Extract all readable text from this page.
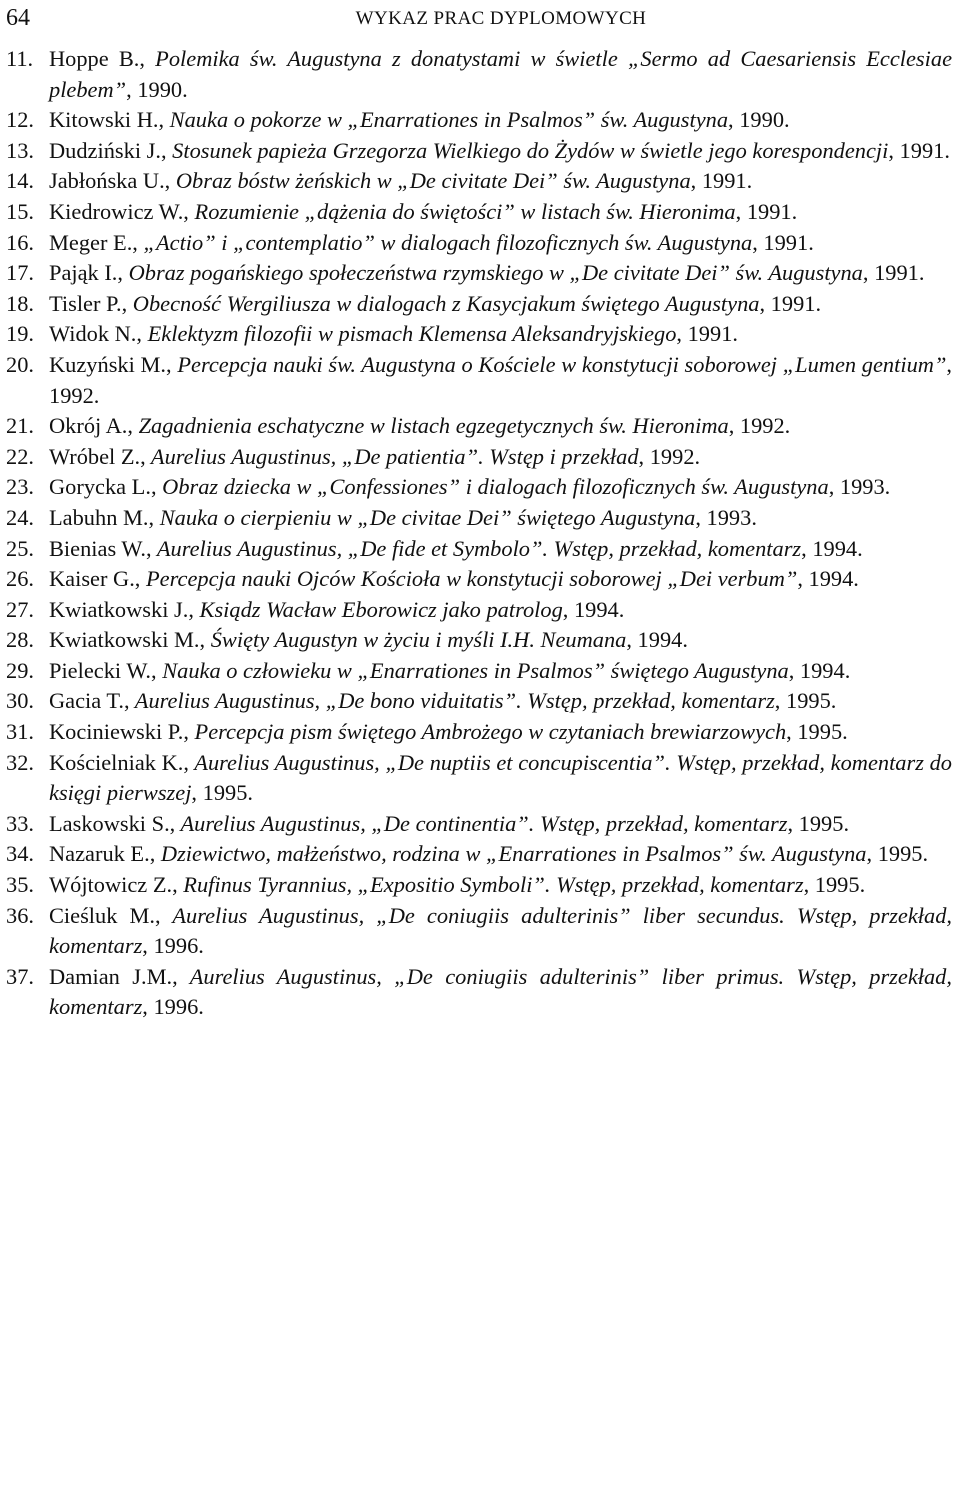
64	WYKAZ PRAC DYPLOMOWYCH
11. Hoppe B., Polemika św. Augustyna z donatystami w świetle „Sermo ad Caesariensis Ecclesiae plebem”, 1990.
12. Kitowski H., Nauka o pokorze w „Enarrationes in Psalmos” św. Augustyna, 1990.
13. Dudziński J., Stosunek papieża Grzegorza Wielkiego do Żydów w świetle jego korespondencji, 1991.
14. Jabłońska U., Obraz bóstw żeńskich w „De civitate Dei” św. Augustyna, 1991.
15. Kiedrowicz W., Rozumienie „dążenia do świętości” w listach św. Hieronima, 1991.
16. Meger E., „Actio” i „contemplatio” w dialogach filozoficznych św. Augustyna, 1991.
17. Pająk I., Obraz pogańskiego społeczeństwa rzymskiego w „De civitate Dei” św. Augustyna, 1991.
18. Tisler P., Obecność Wergiliusza w dialogach z Kasycjakum świętego Augustyna, 1991.
19. Widok N., Eklektyzm filozofii w pismach Klemensa Aleksandryjskiego, 1991.
20. Kuzyński M., Percepcja nauki św. Augustyna o Kościele w konstytucji soborowej „Lumen gentium”, 1992.
21. Okrój A., Zagadnienia eschatyczne w listach egzegetycznych św. Hieronima, 1992.
22. Wróbel Z., Aurelius Augustinus, „De patientia”. Wstęp i przekład, 1992.
23. Gorycka L., Obraz dziecka w „Confessiones” i dialogach filozoficznych św. Augustyna, 1993.
24. Labuhn M., Nauka o cierpieniu w „De civitae Dei” świętego Augustyna, 1993.
25. Bienias W., Aurelius Augustinus, „De fide et Symbolo”. Wstęp, przekład, komentarz, 1994.
26. Kaiser G., Percepcja nauki Ojców Kościoła w konstytucji soborowej „Dei verbum”, 1994.
27. Kwiatkowski J., Ksiądz Wacław Eborowicz jako patrolog, 1994.
28. Kwiatkowski M., Święty Augustyn w życiu i myśli I.H. Neumana, 1994.
29. Pielecki W., Nauka o człowieku w „Enarrationes in Psalmos” świętego Augustyna, 1994.
30. Gacia T., Aurelius Augustinus, „De bono viduitatis”. Wstęp, przekład, komentarz, 1995.
31. Kociniewski P., Percepcja pism świętego Ambrożego w czytaniach brewiarzowych, 1995.
32. Kościelniak K., Aurelius Augustinus, „De nuptiis et concupiscentia”. Wstęp, przekład, komentarz do księgi pierwszej, 1995.
33. Laskowski S., Aurelius Augustinus, „De continentia”. Wstęp, przekład, komentarz, 1995.
34. Nazaruk E., Dziewictwo, małżeństwo, rodzina w „Enarrationes in Psalmos” św. Augustyna, 1995.
35. Wójtowicz Z., Rufinus Tyrannius, „Expositio Symboli”. Wstęp, przekład, komentarz, 1995.
36. Cieśluk M., Aurelius Augustinus, „De coniugiis adulterinis” liber secundus. Wstęp, przekład, komentarz, 1996.
37. Damian J.M., Aurelius Augustinus, „De coniugiis adulterinis” liber primus. Wstęp, przekład, komentarz, 1996.
